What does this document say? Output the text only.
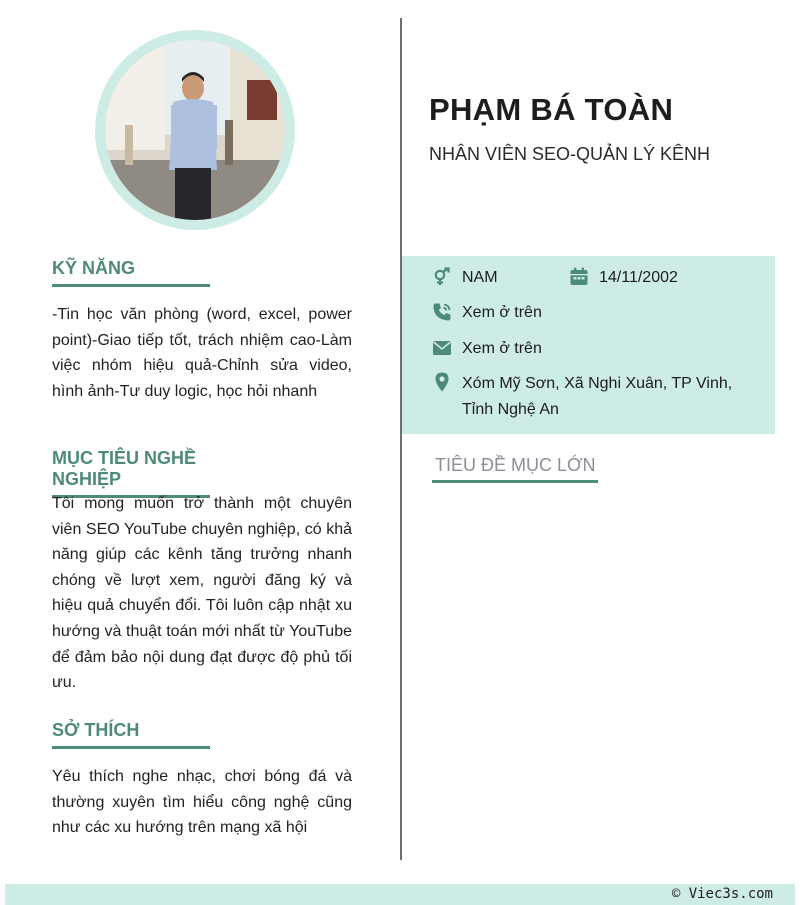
KỸ NĂNG
-Tin học văn phòng (word, excel, power point)-Giao tiếp tốt, trách nhiệm cao-Làm việc nhóm hiệu quả-Chỉnh sửa video, hình ảnh-Tư duy logic, học hỏi nhanh
MỤC TIÊU NGHỀ NGHIỆP
Tôi mong muốn trở thành một chuyên viên SEO YouTube chuyên nghiệp, có khả năng giúp các kênh tăng trưởng nhanh chóng về lượt xem, người đăng ký và hiệu quả chuyển đổi. Tôi luôn cập nhật xu hướng và thuật toán mới nhất từ YouTube để đảm bảo nội dung đạt được độ phủ tối ưu.
SỞ THÍCH
Yêu thích nghe nhạc, chơi bóng đá và thường xuyên tìm hiểu công nghệ cũng như các xu hướng trên mạng xã hội
PHẠM BÁ TOÀN
NHÂN VIÊN SEO-QUẢN LÝ KÊNH
NAM	14/11/2002
Xem ở trên
Xem ở trên
Xóm Mỹ Sơn, Xã Nghi Xuân, TP Vinh, Tỉnh Nghệ An
TIÊU ĐỀ MỤC LỚN
© Viec3s.com
